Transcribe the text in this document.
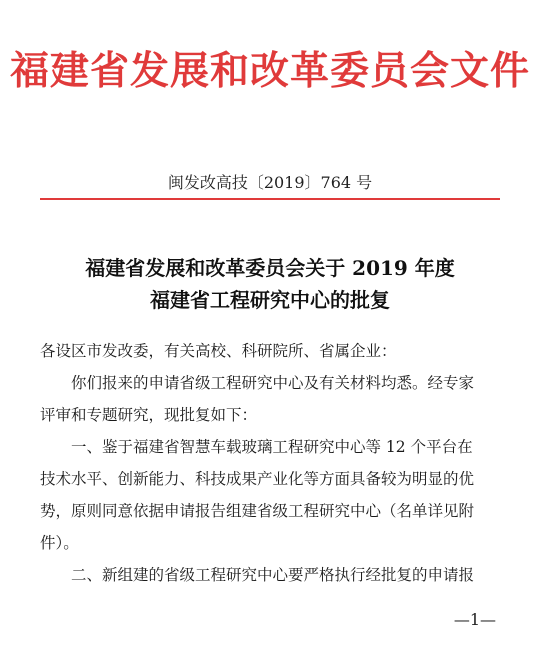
福建省发展和改革委员会文件
闽发改高技〔2019〕764 号
福建省发展和改革委员会关于 2019 年度
福建省工程研究中心的批复

各设区市发改委，有关高校、科研院所、省属企业：

你们报来的申请省级工程研究中心及有关材料均悉。经专家

评审和专题研究，现批复如下：

一、鉴于福建省智慧车载玻璃工程研究中心等 12 个平台在

技术水平、创新能力、科技成果产业化等方面具备较为明显的优

势，原则同意依据申请报告组建省级工程研究中心（名单详见附

件）。

二、新组建的省级工程研究中心要严格执行经批复的申请报

—1—
